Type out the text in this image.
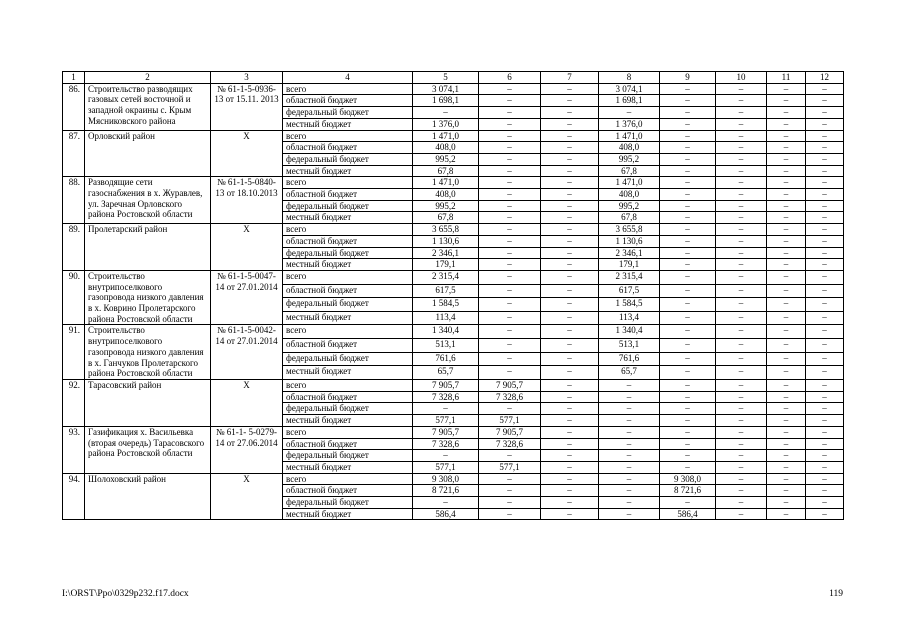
1	2	3	4	5	6	7	8	9	10	11	12
86.	Строительство разводящих газовых сетей восточной и западной окраины с. Крым Мясниковского района	№ 61-1-5-0936-13 от 15.11. 2013	всего	3 074,1	–	–	3 074,1	–	–	–	–
			областной бюджет	1 698,1	–	–	1 698,1	–	–	–	–
			федеральный бюджет	–	–	–	–	–	–	–	–
			местный бюджет	1 376,0	–	–	1 376,0	–	–	–	–
87.	Орловский район	Х	всего	1 471,0	–	–	1 471,0	–	–	–	–
			областной бюджет	408,0	–	–	408,0	–	–	–	–
			федеральный бюджет	995,2	–	–	995,2	–	–	–	–
			местный бюджет	67,8	–	–	67,8	–	–	–	–
88.	Разводящие сети газоснабжения в х. Журавлев, ул. Заречная Орловского района Ростовской области	№ 61-1-5-0840-13 от 18.10.2013	всего	1 471,0	–	–	1 471,0	–	–	–	–
			областной бюджет	408,0	–	–	408,0	–	–	–	–
			федеральный бюджет	995,2	–	–	995,2	–	–	–	–
			местный бюджет	67,8	–	–	67,8	–	–	–	–
89.	Пролетарский район	Х	всего	3 655,8	–	–	3 655,8	–	–	–	–
			областной бюджет	1 130,6	–	–	1 130,6	–	–	–	–
			федеральный бюджет	2 346,1	–	–	2 346,1	–	–	–	–
			местный бюджет	179,1	–	–	179,1	–	–	–	–
90.	Строительство внутрипоселкового газопровода низкого давления в х. Коврино Пролетарского района Ростовской области	№ 61-1-5-0047-14 от 27.01.2014	всего	2 315,4	–	–	2 315,4	–	–	–	–
			областной бюджет	617,5	–	–	617,5	–	–	–	–
			федеральный бюджет	1 584,5	–	–	1 584,5	–	–	–	–
			местный бюджет	113,4	–	–	113,4	–	–	–	–
91.	Строительство внутрипоселкового газопровода низкого давления в х. Ганчуков Пролетарского района Ростовской области	№ 61-1-5-0042-14 от 27.01.2014	всего	1 340,4	–	–	1 340,4	–	–	–	–
			областной бюджет	513,1	–	–	513,1	–	–	–	–
			федеральный бюджет	761,6	–	–	761,6	–	–	–	–
			местный бюджет	65,7	–	–	65,7	–	–	–	–
92.	Тарасовский район	Х	всего	7 905,7	7 905,7	–	–	–	–	–	–
			областной бюджет	7 328,6	7 328,6	–	–	–	–	–	–
			федеральный бюджет	–	–	–	–	–	–	–	–
			местный бюджет	577,1	577,1	–	–	–	–	–	–
93.	Газификация х. Васильевка (вторая очередь) Тарасовского района Ростовской области	№ 61-1- 5-0279-14 от 27.06.2014	всего	7 905,7	7 905,7	–	–	–	–	–	–
			областной бюджет	7 328,6	7 328,6	–	–	–	–	–	–
			федеральный бюджет	–	–	–	–	–	–	–	–
			местный бюджет	577,1	577,1	–	–	–	–	–	–
94.	Шолоховский район	Х	всего	9 308,0	–	–	–	9 308,0	–	–	–
			областной бюджет	8 721,6	–	–	–	8 721,6	–	–	–
			федеральный бюджет	–	–	–	–	–	–	–	–
			местный бюджет	586,4	–	–	–	586,4	–	–	–
I:\ORST\Ppo\0329p232.f17.docx	119
